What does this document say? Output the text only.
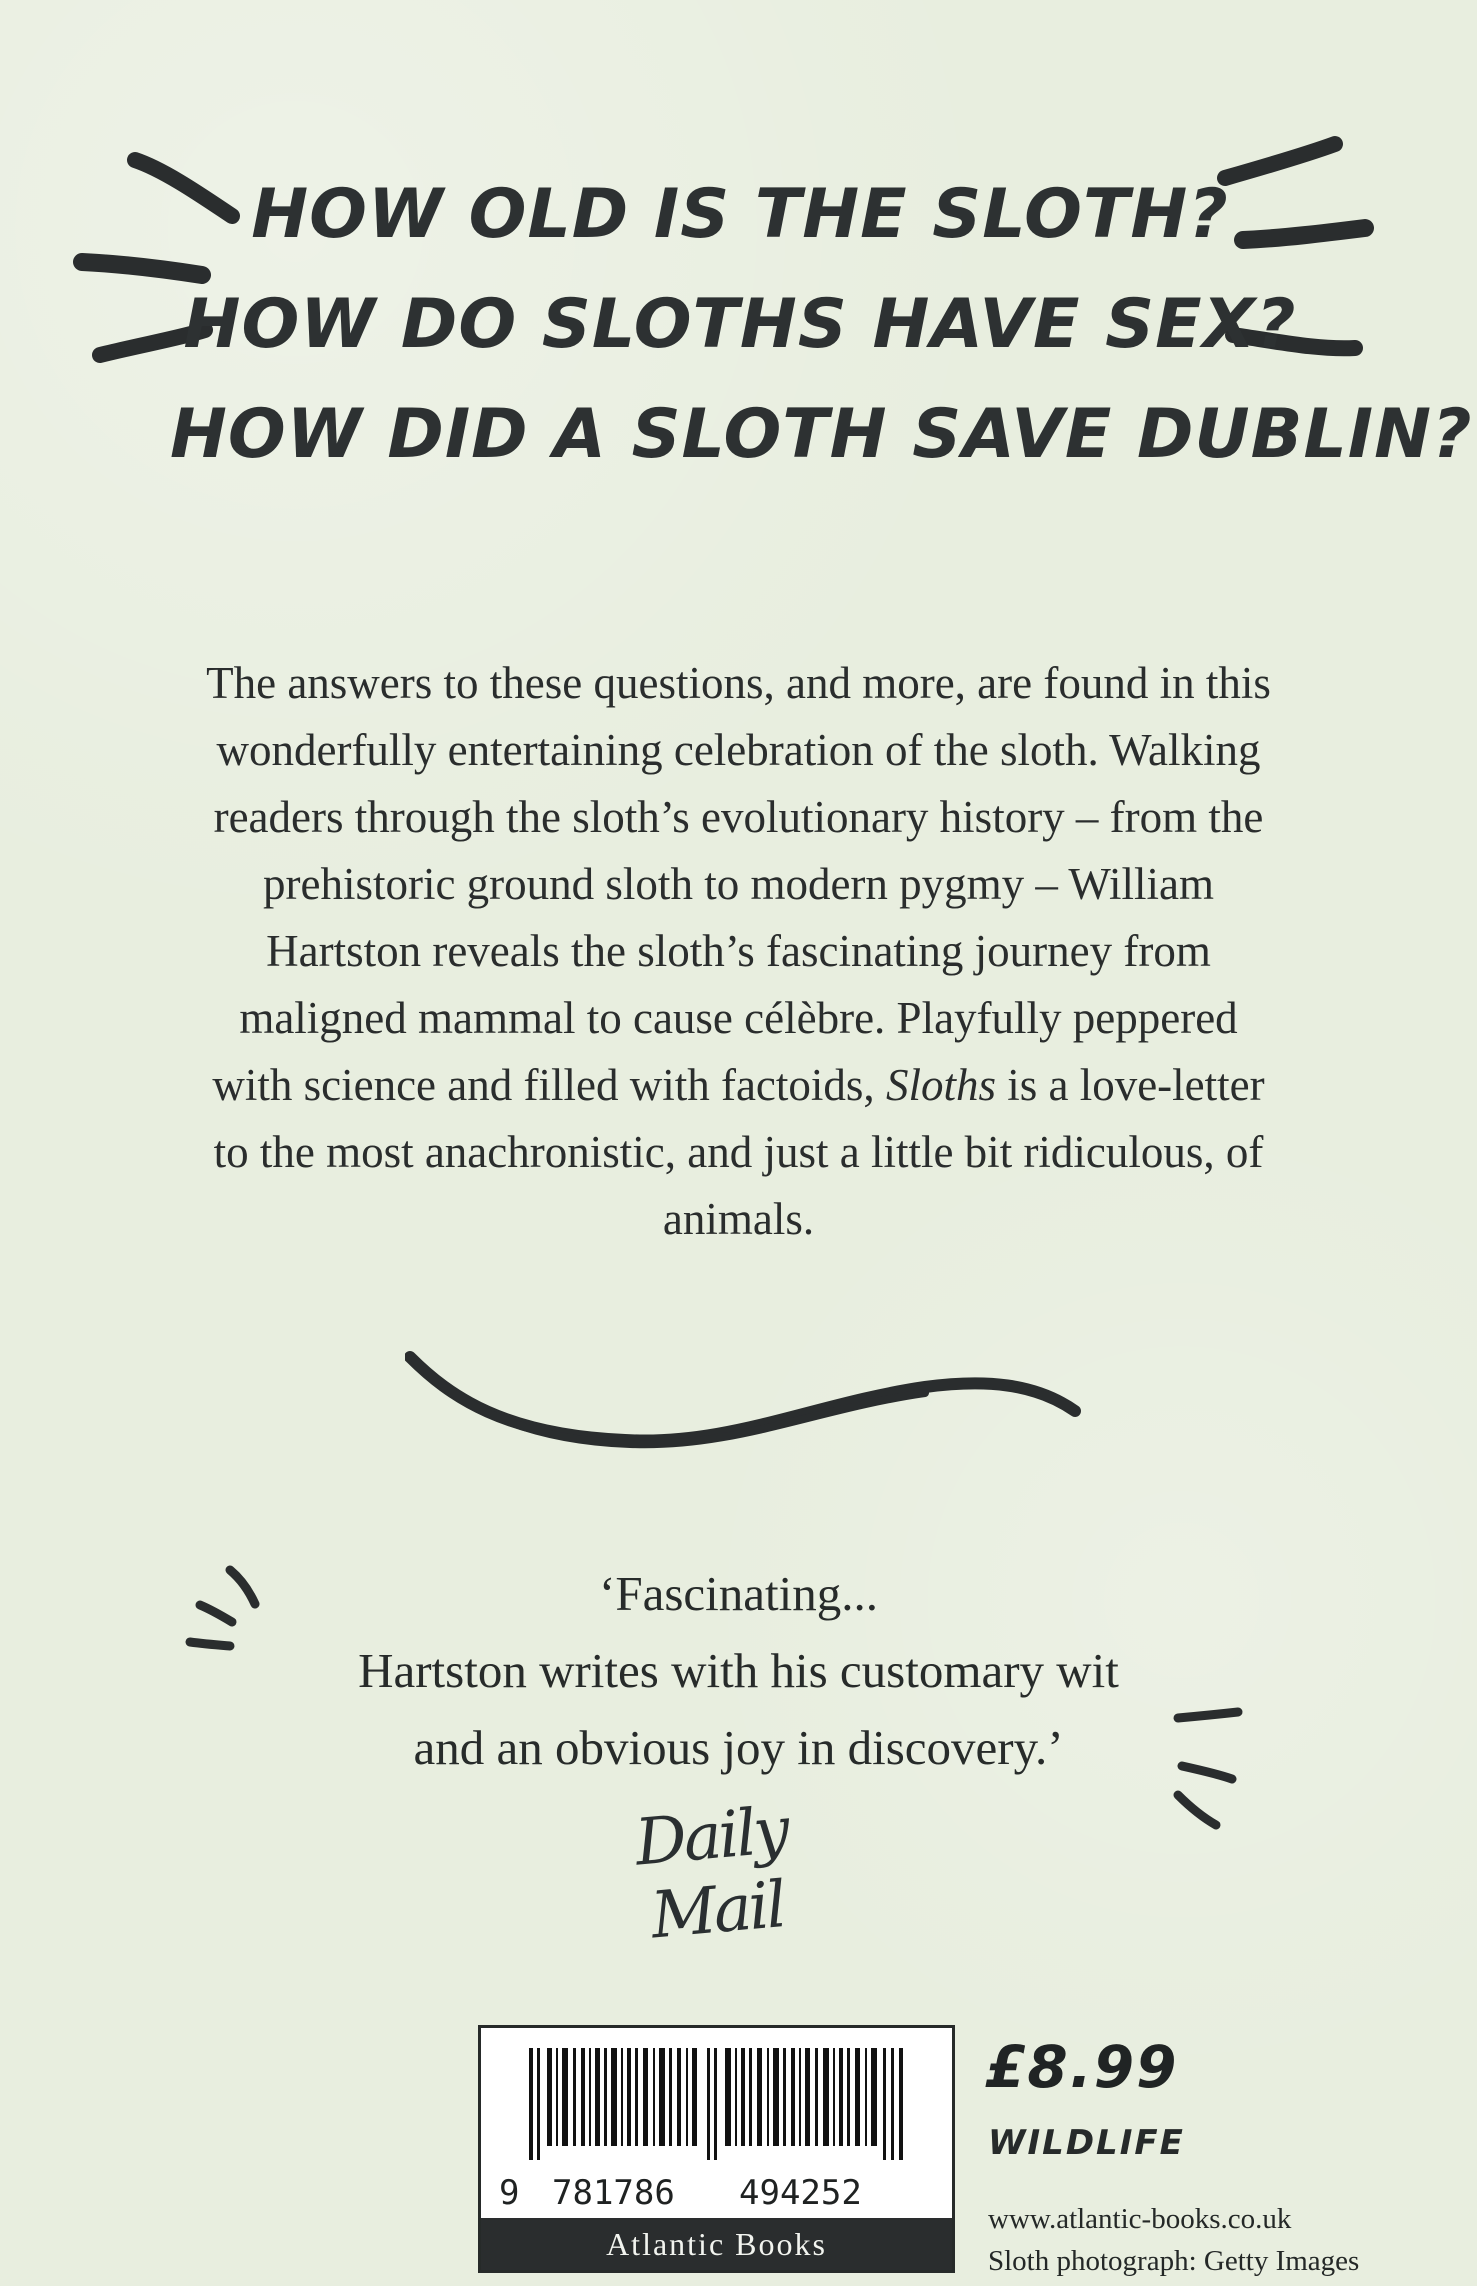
HOW OLD IS THE SLOTH?
HOW DO SLOTHS HAVE SEX?
HOW DID A SLOTH SAVE DUBLIN?

The answers to these questions, and more, are found in this wonderfully entertaining celebration of the sloth. Walking readers through the sloth’s evolutionary history – from the prehistoric ground sloth to modern pygmy – William Hartston reveals the sloth’s fascinating journey from maligned mammal to cause célèbre. Playfully peppered with science and filled with factoids, Sloths is a love-letter to the most anachronistic, and just a little bit ridiculous, of animals.

‘Fascinating...
Hartston writes with his customary wit
and an obvious joy in discovery.’
Daily Mail
9 781786 494252
Atlantic Books
£8.99
WILDLIFE
www.atlantic-books.co.uk
Sloth photograph: Getty Images
